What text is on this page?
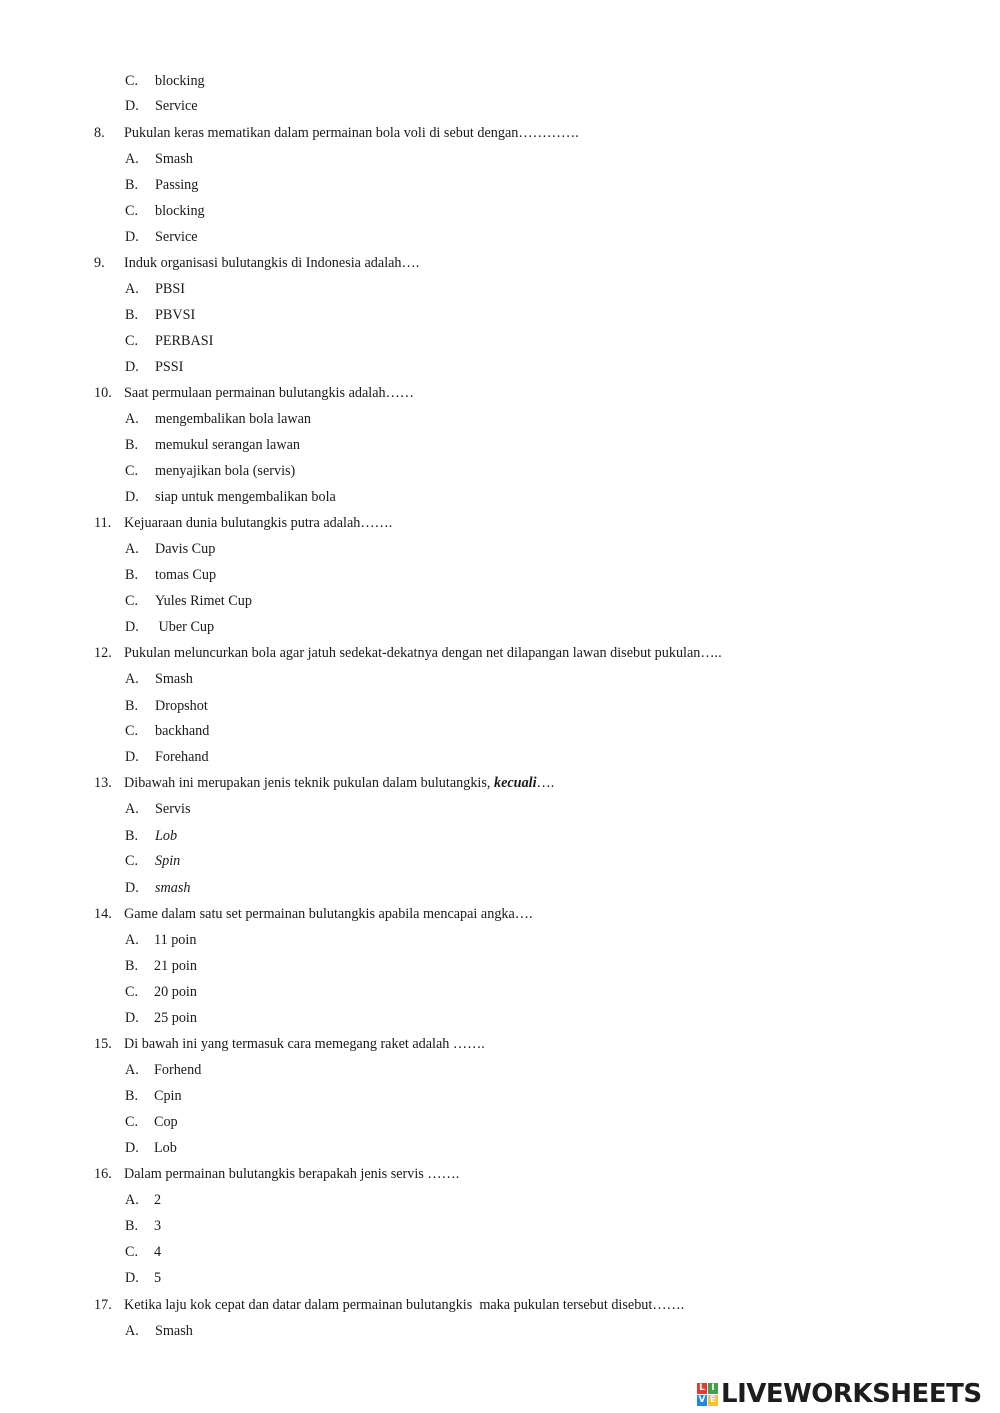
C. blocking
D. Service
8. Pukulan keras mematikan dalam permainan bola voli di sebut dengan………….
A. Smash
B. Passing
C. blocking
D. Service
9. Induk organisasi bulutangkis di Indonesia adalah….
A. PBSI
B. PBVSI
C. PERBASI
D. PSSI
10. Saat permulaan permainan bulutangkis adalah……
A. mengembalikan bola lawan
B. memukul serangan lawan
C. menyajikan bola (servis)
D. siap untuk mengembalikan bola
11. Kejuaraan dunia bulutangkis putra adalah…….
A. Davis Cup
B. tomas Cup
C. Yules Rimet Cup
D. Uber Cup
12. Pukulan meluncurkan bola agar jatuh sedekat-dekatnya dengan net dilapangan lawan disebut pukulan…..
A. Smash
B. Dropshot
C. backhand
D. Forehand
13. Dibawah ini merupakan jenis teknik pukulan dalam bulutangkis, kecuali….
A. Servis
B. Lob
C. Spin
D. smash
14. Game dalam satu set permainan bulutangkis apabila mencapai angka….
A. 11 poin
B. 21 poin
C. 20 poin
D. 25 poin
15. Di bawah ini yang termasuk cara memegang raket adalah …….
A. Forhend
B. Cpin
C. Cop
D. Lob
16. Dalam permainan bulutangkis berapakah jenis servis …….
A. 2
B. 3
C. 4
D. 5
17. Ketika laju kok cepat dan datar dalam permainan bulutangkis  maka pukulan tersebut disebut…….
A. Smash
L I
V E LIVEWORKSHEETS
